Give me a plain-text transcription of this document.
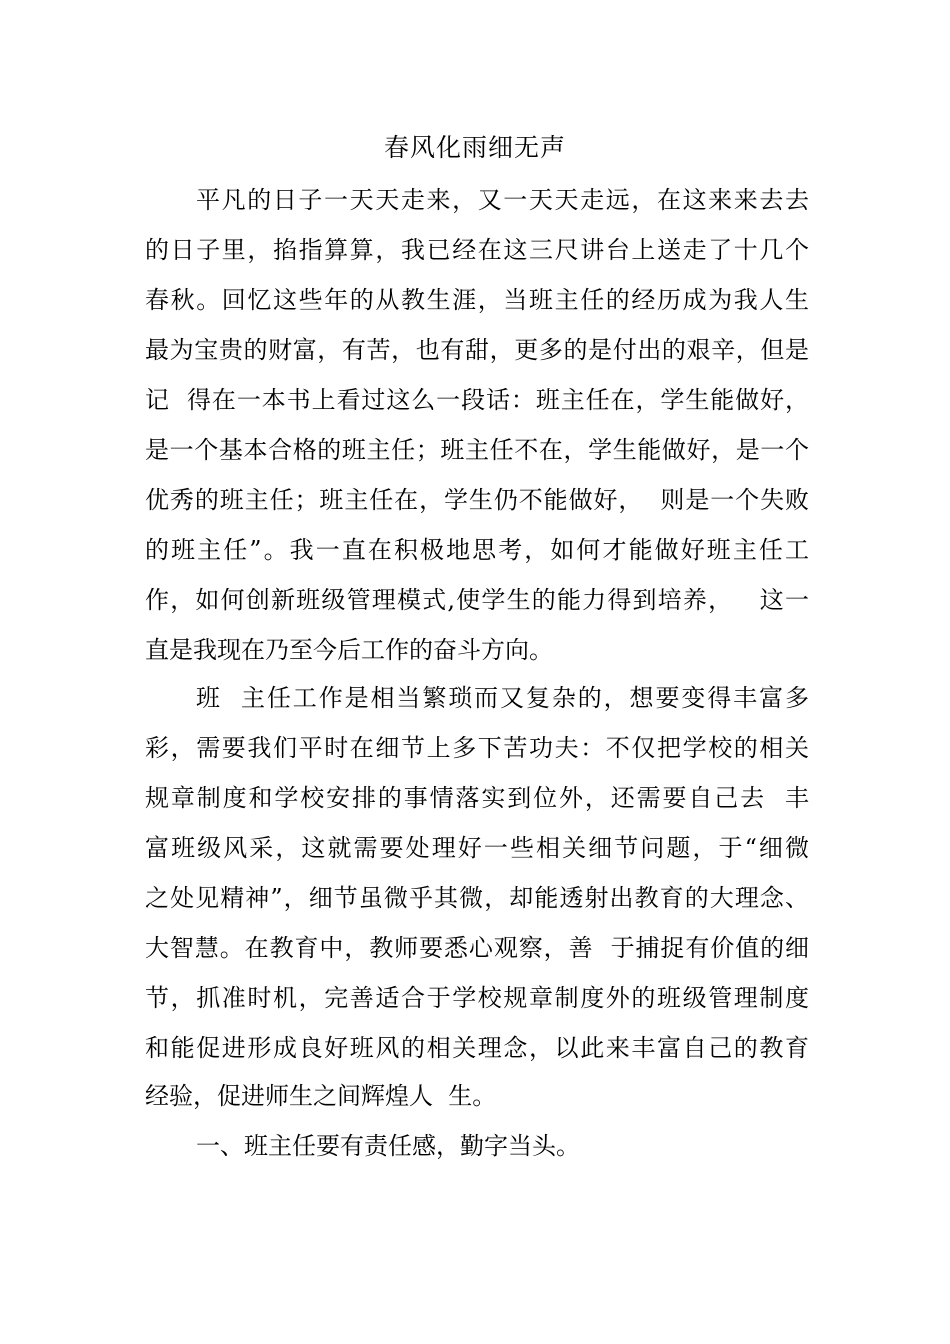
春风化雨细无声
平凡的日子一天天走来，又一天天走远，在这来来去去
的日子里，掐指算算，我已经在这三尺讲台上送走了十几个
春秋。回忆这些年的从教生涯，当班主任的经历成为我人生
最为宝贵的财富，有苦，也有甜，更多的是付出的艰辛，但是
记  得在一本书上看过这么一段话：班主任在，学生能做好，
是一个基本合格的班主任；班主任不在，学生能做好，是一个
优秀的班主任；班主任在，学生仍不能做好，  则是一个失败
的班主任”。我一直在积极地思考，如何才能做好班主任工
作，如何创新班级管理模式,使学生的能力得到培养，   这一
直是我现在乃至今后工作的奋斗方向。
班  主任工作是相当繁琐而又复杂的，想要变得丰富多
彩，需要我们平时在细节上多下苦功夫：不仅把学校的相关
规章制度和学校安排的事情落实到位外，还需要自己去  丰
富班级风采，这就需要处理好一些相关细节问题，于“细微
之处见精神”，细节虽微乎其微，却能透射出教育的大理念、
大智慧。在教育中，教师要悉心观察，善  于捕捉有价值的细
节，抓准时机，完善适合于学校规章制度外的班级管理制度
和能促进形成良好班风的相关理念，以此来丰富自己的教育
经验，促进师生之间辉煌人  生。
一、班主任要有责任感，勤字当头。
